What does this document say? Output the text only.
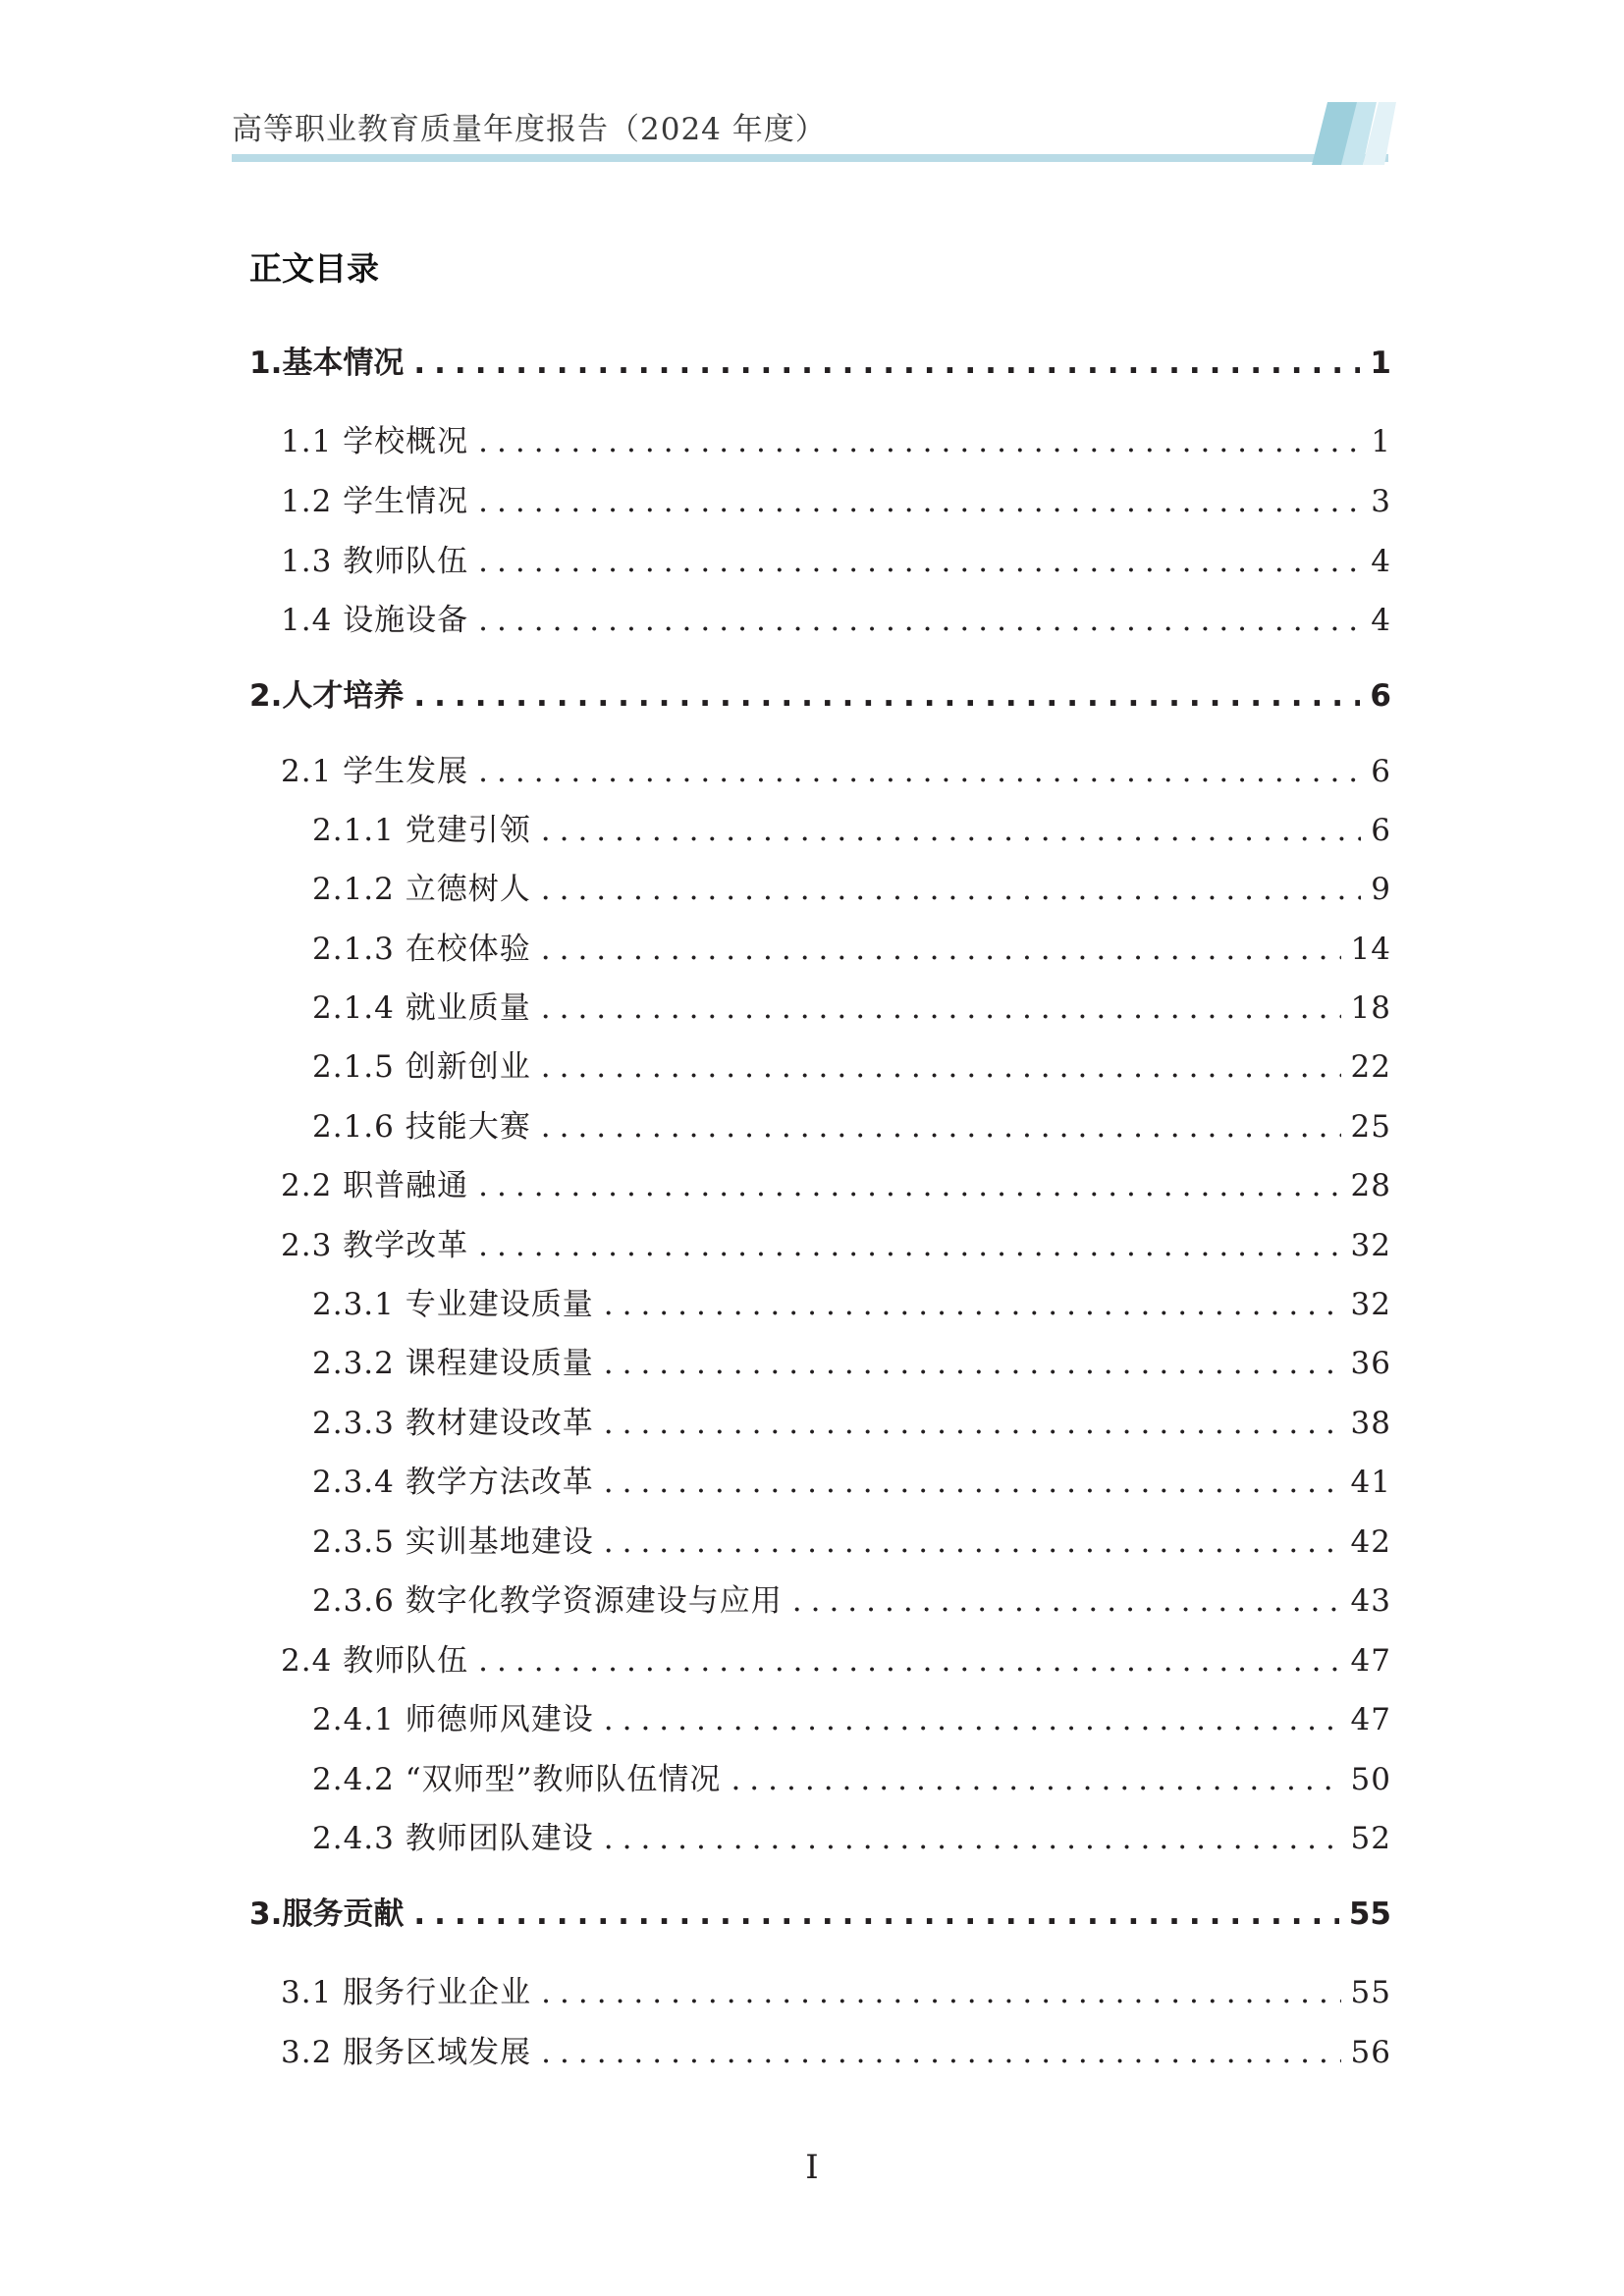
高等职业教育质量年度报告（2024 年度）
正文目录
1.基本情况 .....	1
1.1 学校概况 .....	1
1.2 学生情况 .....	3
1.3 教师队伍 .....	4
1.4 设施设备 .....	4
2.人才培养 .....	6
2.1 学生发展 .....	6
2.1.1 党建引领 .....	6
2.1.2 立德树人 .....	9
2.1.3 在校体验 .....	14
2.1.4 就业质量 .....	18
2.1.5 创新创业 .....	22
2.1.6 技能大赛 .....	25
2.2 职普融通 .....	28
2.3 教学改革 .....	32
2.3.1 专业建设质量 .....	32
2.3.2 课程建设质量 .....	36
2.3.3 教材建设改革 .....	38
2.3.4 教学方法改革 .....	41
2.3.5 实训基地建设 .....	42
2.3.6 数字化教学资源建设与应用 .....	43
2.4 教师队伍 .....	47
2.4.1 师德师风建设 .....	47
2.4.2 “双师型”教师队伍情况 .....	50
2.4.3 教师团队建设 .....	52
3.服务贡献 .....	55
3.1 服务行业企业 .....	55
3.2 服务区域发展 .....	56
I
